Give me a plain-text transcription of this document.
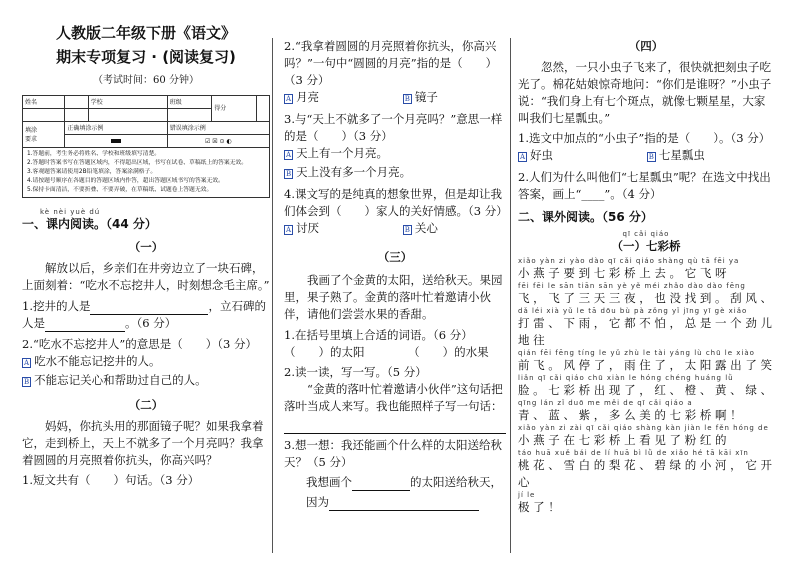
人教版二年级下册《语文》
期末专项复习 · (阅读复习)
（考试时间：60 分钟）
姓名		学校	班级	得分	

填涂
要求	正确填涂示例		错误填涂示例		
			☑ ☒ ⊙ ◐		
1.答题前，考生务必将姓名、学校和班级填写清楚。
2.答题时答案书写在答题区域内，不得超出区域，书写在试卷、草稿纸上的答案无效。
3.客观题答案请使用2B铅笔填涂，答案涂满格子。
4.请按题号顺序在各题目的答题区域内作答，超出答题区域书写的答案无效。
5.保持卡面清洁，不要折叠、不要弄破，在草稿纸、试题卷上答题无效。
kè nèi yuè dú
一、课内阅读。（44 分）
（一）

解放以后，乡亲们在井旁边立了一块石碑，上面刻着：“吃水不忘挖井人，时刻想念毛主席。”

1.挖井的人是	，立石碑的人是	。（6 分）

2.“吃水不忘挖井人”的意思是（　　）（3 分）

A 吃水不能忘记挖井的人。

B 不能忘记关心和帮助过自己的人。

（二）

妈妈，你抗头用的那面镜子呢？如果我拿着它，走到桥上，天上不就多了一个月亮吗？我拿着圆圆的月亮照着你抗头，你高兴吗？

1.短文共有（　　）句话。（3 分）

2.“我拿着圆圆的月亮照着你抗头，你高兴吗？”一句中“圆圆的月亮”指的是（　　）（3 分）

A 月亮	B 镜子

3.与“天上不就多了一个月亮吗？”意思一样的是（　　）（3 分）

A 天上有一个月亮。

B 天上没有多一个月亮。

4.课文写的是纯真的想象世界，但是却让我们体会到（　　）家人的关好情感。（3 分）

A 讨厌	B 关心

（三）

我画了个金黄的太阳，送给秋天。果园里，果子熟了。金黄的落叶忙着邀请小伙伴，请他们尝尝水果的香甜。

1.在括号里填上合适的词语。（6 分）

（　　）的太阳	（　　）的水果

2.读一读，写一写。（5 分）

“金黄的落叶忙着邀请小伙伴”这句话把落叶当成人来写。我也能照样子写一句话：

3.想一想：我还能画个什么样的太阳送给秋天？（5 分）

我想画个	的太阳送给秋天，

因为

（四）

忽然，一只小虫子飞来了，很快就把刻虫子吃光了。棉花姑娘惊奇地问：“你们是谁呀？”小虫子说：“我们身上有七个斑点，就像七颗星星，大家叫我们七星瓢虫。”

1.选文中加点的“小虫子”指的是（　　）。（3 分）

A 好虫	B 七星瓢虫

2.人们为什么叫他们“七星瓢虫”呢？在选文中找出答案，画上“____”。（4 分）

二、课外阅读。（56 分）
qī cǎi qiáo
（一）七彩桥

xiǎo yàn zi yào dào qī cǎi qiáo shàng qù tā fēi ya

小 燕 子 要 到 七 彩 桥 上 去 。 它 飞 呀

fēi fēi le sān tiān sān yè yě méi zhǎo dào dào fēng

飞 ， 飞 了 三 天 三 夜 ， 也 没 找 到 。 刮 风 、

dǎ léi xià yǔ le tā dōu bù pà zǒng yǐ jīng yī gè xiǎo

打 雷 、 下 雨 ， 它 都 不 怕 ， 总 是 一 个 劲 儿 地 往

qián fēi fēng tíng le yǔ zhù le tài yáng lù chū le xiào

前 飞 。 风 停 了 ， 雨 住 了 ， 太 阳 露 出 了 笑

liǎn qī cǎi qiáo chū xiàn le hóng chéng huáng lǜ

脸 。 七 彩 桥 出 现 了 ， 红 、 橙 、 黄 、 绿 、

qīng lán zǐ duō me měi de qī cǎi qiáo a

青 、 蓝 、 紫 ， 多 么 美 的 七 彩 桥 啊 ！

xiǎo yàn zi zài qī cǎi qiáo shàng kàn jiàn le fěn hóng de

小 燕 子 在 七 彩 桥 上 看 见 了 粉 红 的

táo huā xuě bái de lí huā bì lǜ de xiǎo hé tā kāi xīn

桃 花 、 雪 白 的 梨 花 、 碧 绿 的 小 河 ， 它 开 心

jí le

极 了 ！
